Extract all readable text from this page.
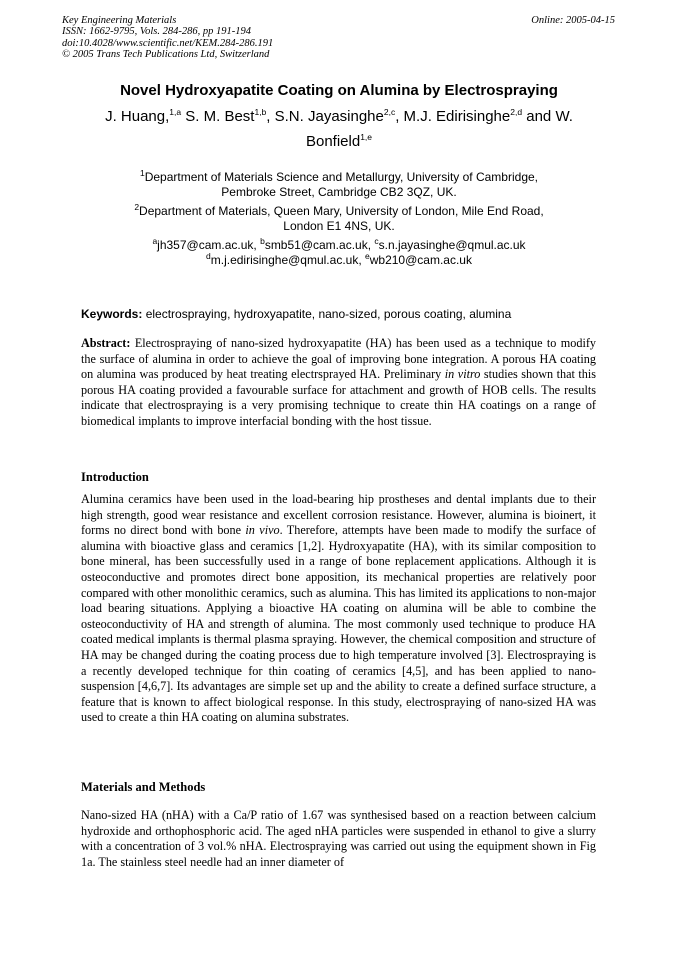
Key Engineering Materials
ISSN: 1662-9795, Vols. 284-286, pp 191-194
doi:10.4028/www.scientific.net/KEM.284-286.191
© 2005 Trans Tech Publications Ltd, Switzerland
Online: 2005-04-15
Novel Hydroxyapatite Coating on Alumina by Electrospraying
J. Huang,$^{1,a}$ S. M. Best$^{1,b}$, S.N. Jayasinghe$^{2,c}$, M.J. Edirisinghe$^{2,d}$ and W. Bonfield$^{1,e}$
$^1$Department of Materials Science and Metallurgy, University of Cambridge,
Pembroke Street, Cambridge CB2 3QZ, UK.
$^2$Department of Materials, Queen Mary, University of London, Mile End Road,
London E1 4NS, UK.
$^a$jh357@cam.ac.uk, $^b$smb51@cam.ac.uk, $^c$s.n.jayasinghe@qmul.ac.uk
$^d$m.j.edirisinghe@qmul.ac.uk, $^e$wb210@cam.ac.uk
Keywords: electrospraying, hydroxyapatite, nano-sized, porous coating, alumina
Abstract: Electrospraying of nano-sized hydroxyapatite (HA) has been used as a technique to modify the surface of alumina in order to achieve the goal of improving bone integration. A porous HA coating on alumina was produced by heat treating electrsprayed HA. Preliminary in vitro studies shown that this porous HA coating provided a favourable surface for attachment and growth of HOB cells. The results indicate that electrospraying is a very promising technique to create thin HA coatings on a range of biomedical implants to improve interfacial bonding with the host tissue.
Introduction
Alumina ceramics have been used in the load-bearing hip prostheses and dental implants due to their high strength, good wear resistance and excellent corrosion resistance. However, alumina is bioinert, it forms no direct bond with bone in vivo. Therefore, attempts have been made to modify the surface of alumina with bioactive glass and ceramics [1,2]. Hydroxyapatite (HA), with its similar composition to bone mineral, has been successfully used in a range of bone replacement applications. Although it is osteoconductive and promotes direct bone apposition, its mechanical properties are relatively poor compared with other monolithic ceramics, such as alumina. This has limited its applications to non-major load bearing situations. Applying a bioactive HA coating on alumina will be able to combine the osteoconductivity of HA and strength of alumina. The most commonly used technique to produce HA coated medical implants is thermal plasma spraying. However, the chemical composition and structure of HA may be changed during the coating process due to high temperature involved [3]. Electrospraying is a recently developed technique for thin coating of ceramics [4,5], and has been applied to nano-suspension [4,6,7]. Its advantages are simple set up and the ability to create a defined surface structure, a feature that is known to affect biological response. In this study, electrospraying of nano-sized HA was used to create a thin HA coating on alumina substrates.
Materials and Methods
Nano-sized HA (nHA) with a Ca/P ratio of 1.67 was synthesised based on a reaction between calcium hydroxide and orthophosphoric acid. The aged nHA particles were suspended in ethanol to give a slurry with a concentration of 3 vol.% nHA. Electrospraying was carried out using the equipment shown in Fig 1a. The stainless steel needle had an inner diameter of
